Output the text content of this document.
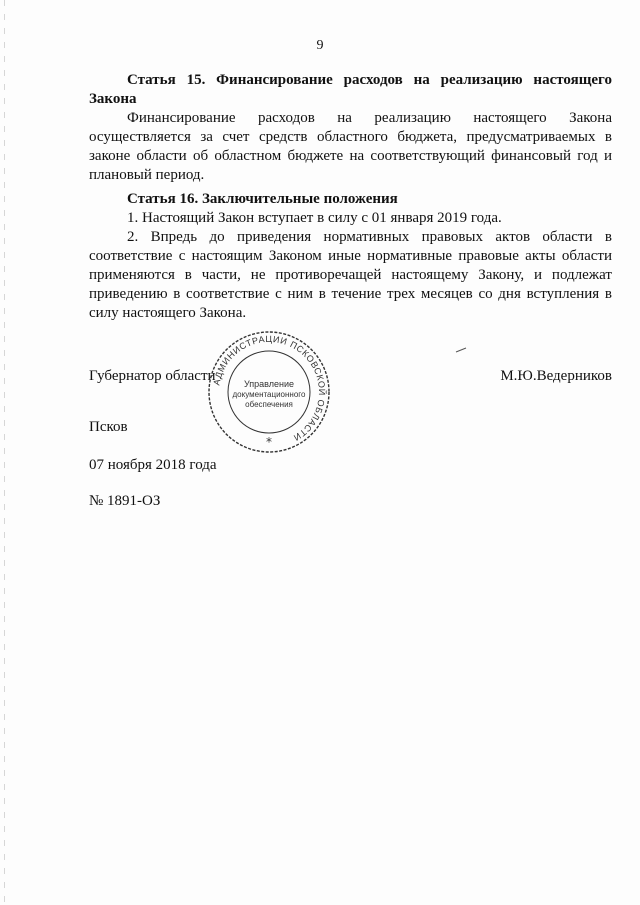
9
Статья 15. Финансирование расходов на реализацию настоящего Закона

Финансирование расходов на реализацию настоящего Закона осуществляется за счет средств областного бюджета, предусматриваемых в законе области об областном бюджете на соответствующий финансовый год и плановый период.

Статья 16. Заключительные положения

1. Настоящий Закон вступает в силу с 01 января 2019 года.

2. Впредь до приведения нормативных правовых актов области в соответствие с настоящим Законом иные нормативные правовые акты области применяются в части, не противоречащей настоящему Закону, и подлежат приведению в соответствие с ним в течение трех месяцев со дня вступления в силу настоящего Закона.

Губернатор области	М.Ю.Ведерников
АДМИНИСТРАЦИИ ПСКОВСКОЙ ОБЛАСТИ
Управление
документационного
обеспечения
*
Псков
07 ноября 2018 года
№ 1891-ОЗ
